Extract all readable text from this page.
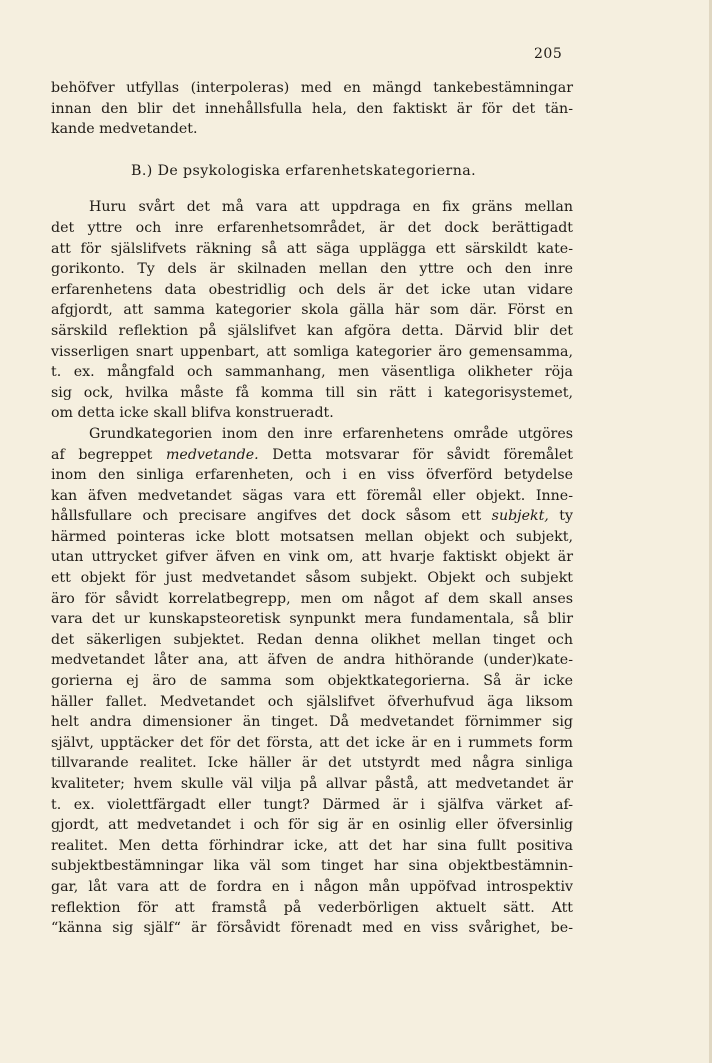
205
behöfver utfyllas (interpoleras) med en mängd tankebestämningar
innan den blir det innehållsfulla hela, den faktiskt är för det tän-
kande medvetandet.
B.) De psykologiska erfarenhetskategorierna.
Huru svårt det må vara att uppdraga en fix gräns mellan
det yttre och inre erfarenhetsområdet, är det dock berättigadt
att för själslifvets räkning så att säga upplägga ett särskildt kate-
gorikonto. Ty dels är skilnaden mellan den yttre och den inre
erfarenhetens data obestridlig och dels är det icke utan vidare
afgjordt, att samma kategorier skola gälla här som där. Först en
särskild reflektion på själslifvet kan afgöra detta. Därvid blir det
visserligen snart uppenbart, att somliga kategorier äro gemensamma,
t. ex. mångfald och sammanhang, men väsentliga olikheter röja
sig ock, hvilka måste få komma till sin rätt i kategorisystemet,
om detta icke skall blifva konstrueradt.
Grundkategorien inom den inre erfarenhetens område utgöres
af begreppet medvetande. Detta motsvarar för såvidt föremålet
inom den sinliga erfarenheten, och i en viss öfverförd betydelse
kan äfven medvetandet sägas vara ett föremål eller objekt. Inne-
hållsfullare och precisare angifves det dock såsom ett subjekt, ty
härmed pointeras icke blott motsatsen mellan objekt och subjekt,
utan uttrycket gifver äfven en vink om, att hvarje faktiskt objekt är
ett objekt för just medvetandet såsom subjekt. Objekt och subjekt
äro för såvidt korrelatbegrepp, men om något af dem skall anses
vara det ur kunskapsteoretisk synpunkt mera fundamentala, så blir
det säkerligen subjektet. Redan denna olikhet mellan tinget och
medvetandet låter ana, att äfven de andra hithörande (under)kate-
gorierna ej äro de samma som objektkategorierna. Så är icke
häller fallet. Medvetandet och själslifvet öfverhufvud äga liksom
helt andra dimensioner än tinget. Då medvetandet förnimmer sig
självt, upptäcker det för det första, att det icke är en i rummets form
tillvarande realitet. Icke häller är det utstyrdt med några sinliga
kvaliteter; hvem skulle väl vilja på allvar påstå, att medvetandet är
t. ex. violettfärgadt eller tungt? Därmed är i själfva värket af-
gjordt, att medvetandet i och för sig är en osinlig eller öfversinlig
realitet. Men detta förhindrar icke, att det har sina fullt positiva
subjektbestämningar lika väl som tinget har sina objektbestämnin-
gar, låt vara att de fordra en i någon mån uppöfvad introspektiv
reflektion för att framstå på vederbörligen aktuelt sätt. Att
“känna sig själf“ är försåvidt förenadt med en viss svårighet, be-
